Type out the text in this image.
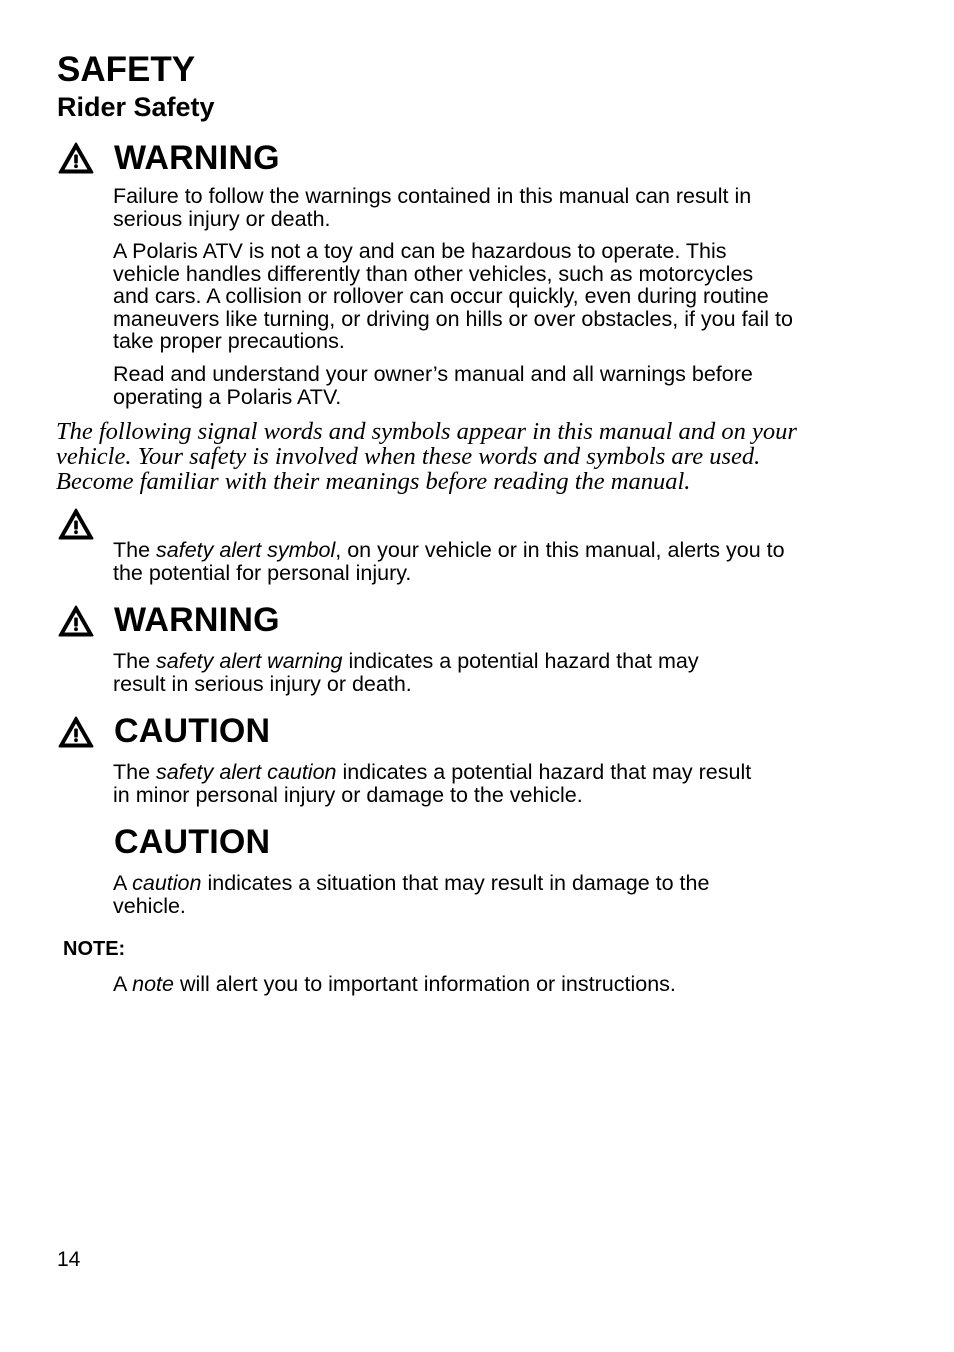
SAFETY
Rider Safety
WARNING

Failure to follow the warnings contained in this manual can result in serious injury or death.

A Polaris ATV is not a toy and can be hazardous to operate. This vehicle handles differently than other vehicles, such as motorcycles and cars. A collision or rollover can occur quickly, even during routine maneuvers like turning, or driving on hills or over obstacles, if you fail to take proper precautions.

Read and understand your owner’s manual and all warnings before operating a Polaris ATV.

The following signal words and symbols appear in this manual and on your vehicle. Your safety is involved when these words and symbols are used. Become familiar with their meanings before reading the manual.

The safety alert symbol, on your vehicle or in this manual, alerts you to the potential for personal injury.

WARNING

The safety alert warning indicates a potential hazard that may result in serious injury or death.

CAUTION

The safety alert caution indicates a potential hazard that may result in minor personal injury or damage to the vehicle.

CAUTION

A caution indicates a situation that may result in damage to the vehicle.

NOTE:

A note will alert you to important information or instructions.

14
